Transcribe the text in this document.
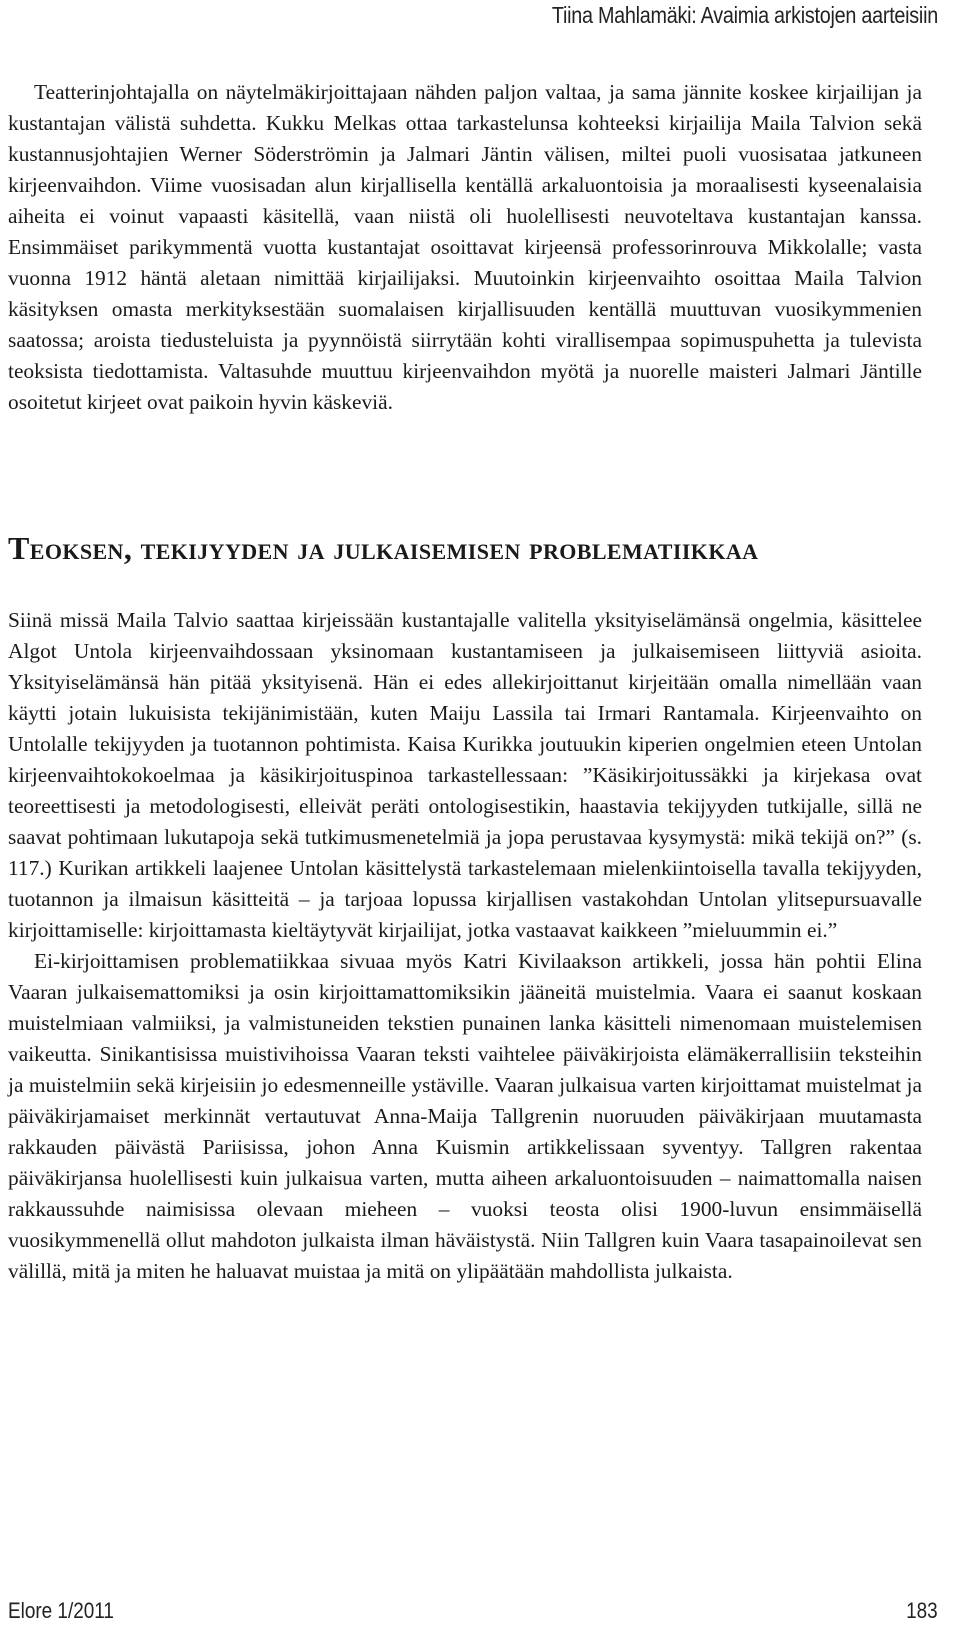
Tiina Mahlamäki: Avaimia arkistojen aarteisiin

Teatterinjohtajalla on näytelmäkirjoittajaan nähden paljon valtaa, ja sama jännite koskee kirjailijan ja kustantajan välistä suhdetta. Kukku Melkas ottaa tarkastelunsa kohteeksi kirjailija Maila Talvion sekä kustannusjohtajien Werner Söderströmin ja Jalmari Jäntin välisen, miltei puoli vuosisataa jatkuneen kirjeenvaihdon. Viime vuosisadan alun kirjallisella kentällä arkaluontoisia ja moraalisesti kyseenalaisia aiheita ei voinut vapaasti käsitellä, vaan niistä oli huolellisesti neuvoteltava kustantajan kanssa. Ensimmäiset parikymmentä vuotta kustantajat osoittavat kirjeensä professorinrouva Mikkolalle; vasta vuonna 1912 häntä aletaan nimittää kirjailijaksi. Muutoinkin kirjeenvaihto osoittaa Maila Talvion käsityksen omasta merkityksestään suomalaisen kirjallisuuden kentällä muuttuvan vuosikymmenien saatossa; aroista tiedusteluista ja pyynnöistä siirrytään kohti virallisempaa sopimuspuhetta ja tulevista teoksista tiedottamista. Valtasuhde muuttuu kirjeenvaihdon myötä ja nuorelle maisteri Jalmari Jäntille osoitetut kirjeet ovat paikoin hyvin käskeviä.

Teoksen, tekijyyden ja julkaisemisen problematiikkaa

Siinä missä Maila Talvio saattaa kirjeissään kustantajalle valitella yksityiselämänsä ongelmia, käsittelee Algot Untola kirjeenvaihdossaan yksinomaan kustantamiseen ja julkaisemiseen liittyviä asioita. Yksityiselämänsä hän pitää yksityisenä. Hän ei edes allekirjoittanut kirjeitään omalla nimellään vaan käytti jotain lukuisista tekijänimistään, kuten Maiju Lassila tai Irmari Rantamala. Kirjeenvaihto on Untolalle tekijyyden ja tuotannon pohtimista. Kaisa Kurikka joutuukin kiperien ongelmien eteen Untolan kirjeenvaihtokokoelmaa ja käsikirjoituspinoa tarkastellessaan: ”Käsikirjoitussäkki ja kirjekasa ovat teoreettisesti ja metodologisesti, elleivät peräti ontologisestikin, haastavia tekijyyden tutkijalle, sillä ne saavat pohtimaan lukutapoja sekä tutkimusmenetelmiä ja jopa perustavaa kysymystä: mikä tekijä on?” (s. 117.) Kurikan artikkeli laajenee Untolan käsittelystä tarkastelemaan mielenkiintoisella tavalla tekijyyden, tuotannon ja ilmaisun käsitteitä – ja tarjoaa lopussa kirjallisen vastakohdan Untolan ylitsepursuavalle kirjoittamiselle: kirjoittamasta kieltäytyvät kirjailijat, jotka vastaavat kaikkeen ”mieluummin ei.”

Ei-kirjoittamisen problematiikkaa sivuaa myös Katri Kivilaakson artikkeli, jossa hän pohtii Elina Vaaran julkaisemattomiksi ja osin kirjoittamattomiksikin jääneitä muistelmia. Vaara ei saanut koskaan muistelmiaan valmiiksi, ja valmistuneiden tekstien punainen lanka käsitteli nimenomaan muistelemisen vaikeutta. Sinikantisissa muistivihoissa Vaaran teksti vaihtelee päiväkirjoista elämäkerrallisiin teksteihin ja muistelmiin sekä kirjeisiin jo edesmenneille ystäville. Vaaran julkaisua varten kirjoittamat muistelmat ja päiväkirjamaiset merkinnät vertautuvat Anna-Maija Tallgrenin nuoruuden päiväkirjaan muutamasta rakkauden päivästä Pariisissa, johon Anna Kuismin artikkelissaan syventyy. Tallgren rakentaa päiväkirjansa huolellisesti kuin julkaisua varten, mutta aiheen arkaluontoisuuden – naimattomalla naisen rakkaussuhde naimisissa olevaan mieheen – vuoksi teosta olisi 1900-luvun ensimmäisellä vuosikymmenellä ollut mahdoton julkaista ilman häväistystä. Niin Tallgren kuin Vaara tasapainoilevat sen välillä, mitä ja miten he haluavat muistaa ja mitä on ylipäätään mahdollista julkaista.

Elore 1/2011	183
